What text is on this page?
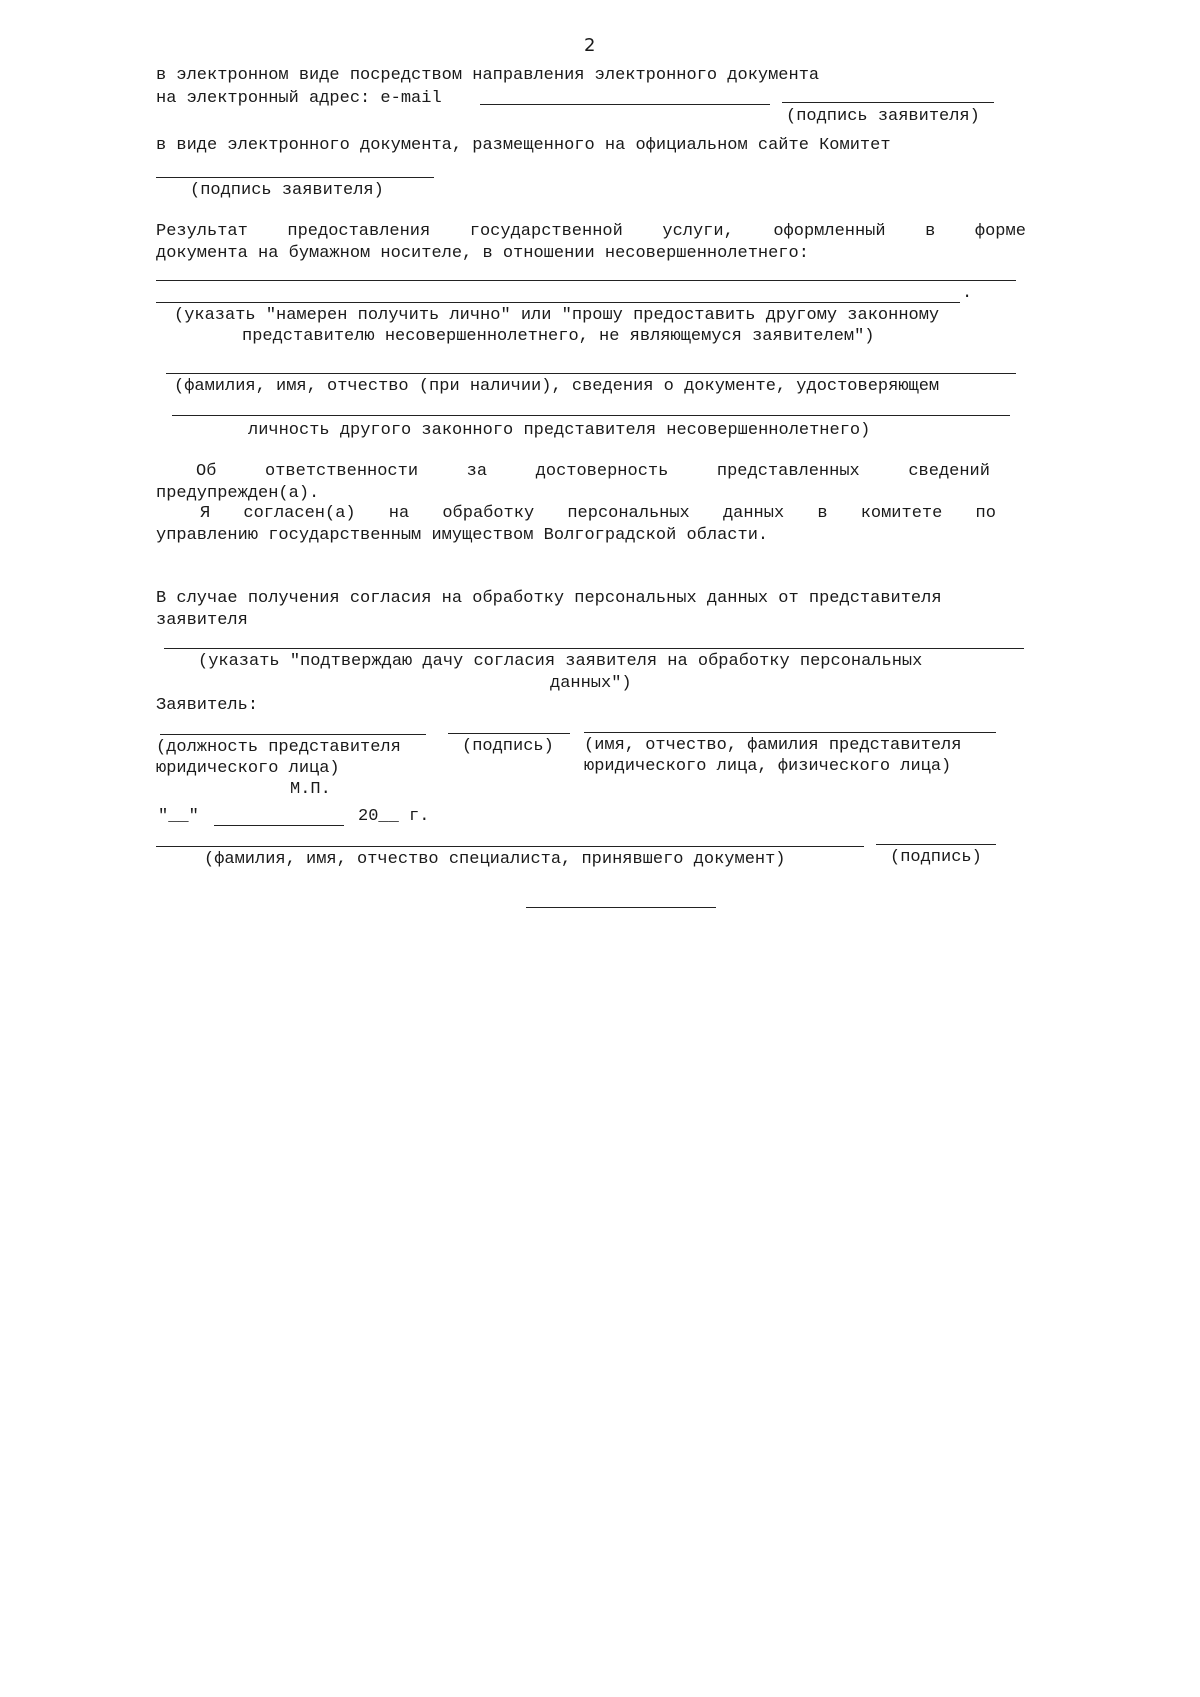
2
в электронном виде посредством направления электронного документа
на электронный адрес: e-mail
(подпись заявителя)
в виде электронного документа, размещенного на официальном сайте Комитет
(подпись заявителя)
Результат предоставления государственной услуги, оформленный в форме
документа на бумажном носителе, в отношении несовершеннолетнего:
.
(указать "намерен получить лично" или "прошу предоставить другому законному
представителю несовершеннолетнего, не являющемуся заявителем")
(фамилия, имя, отчество (при наличии), сведения о документе, удостоверяющем
личность другого законного представителя несовершеннолетнего)
Об	ответственности	за	достоверность	представленных	сведений
предупрежден(а).
Я согласен(а) на обработку персональных данных в комитете по
управлению государственным имуществом Волгоградской области.
В случае получения согласия на обработку персональных данных от представителя
заявителя
(указать "подтверждаю дачу согласия заявителя на обработку персональных
данных")
Заявитель:
(должность представителя
юридического лица)
(подпись) (имя, отчество, фамилия представителя
юридического лица, физического лица)
М.П.
"__"	20__ г.
(фамилия, имя, отчество специалиста, принявшего документ)	(подпись)
